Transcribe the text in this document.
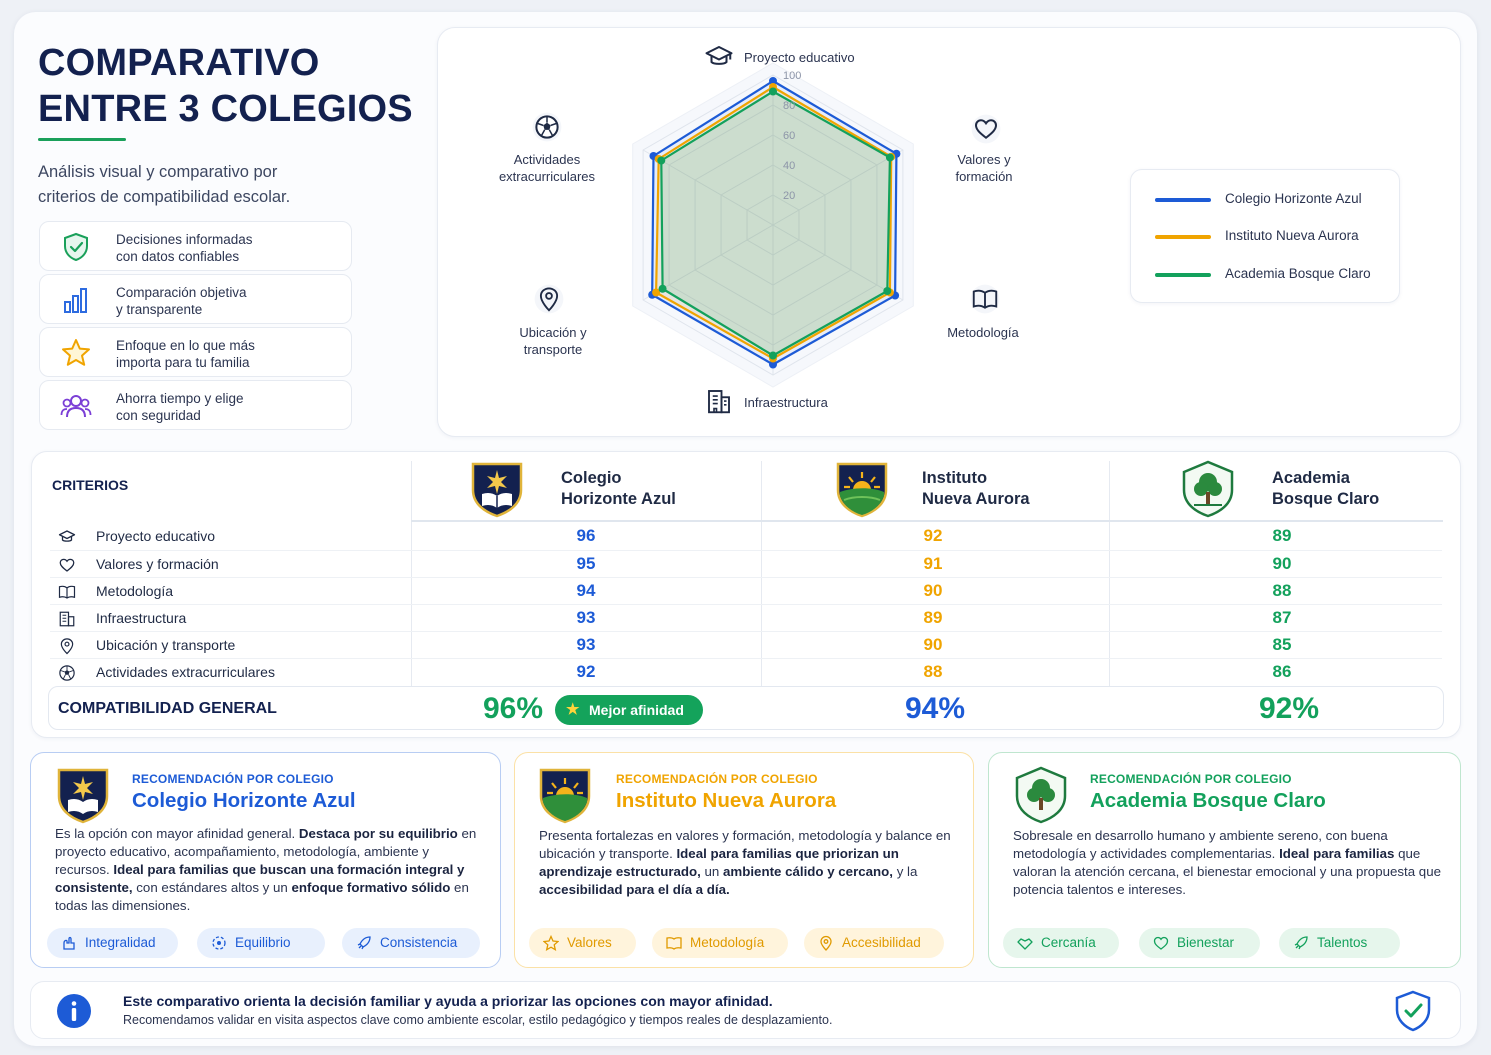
COMPARATIVO
ENTRE 3 COLEGIOS
Análisis visual y comparativo por criterios de compatibilidad escolar.
Decisiones informadas
con datos confiables
Comparación objetiva
y transparente
Enfoque en lo que más
importa para tu familia
Ahorra tiempo y elige
con seguridad
20
40
60
80
100
Proyecto educativo
Valores y
formación
Metodología
Infraestructura
Ubicación y
transporte
Actividades
extracurriculares
Colegio Horizonte Azul
Instituto Nueva Aurora
Academia Bosque Claro
CRITERIOS	Colegio
Horizonte Azul
Instituto
Nueva Aurora
Academia
Bosque Claro
Proyecto educativo	96	92	89
Valores y formación	95	91	90
Metodología	94	90	88
Infraestructura	93	89	87
Ubicación y transporte	93	90	85
Actividades extracurriculares	92	88	86
COMPATIBILIDAD GENERAL	96% ★ Mejor afinidad	94%	92%
RECOMENDACIÓN POR COLEGIO
Colegio Horizonte Azul
Es la opción con mayor afinidad general. Destaca por su equilibrio en proyecto educativo, acompañamiento, metodología, ambiente y recursos. Ideal para familias que buscan una formación integral y consistente, con estándares altos y un enfoque formativo sólido en todas las dimensiones.
Integralidad	Equilibrio	Consistencia
RECOMENDACIÓN POR COLEGIO
Instituto Nueva Aurora
Presenta fortalezas en valores y formación, metodología y balance en ubicación y transporte. Ideal para familias que priorizan un aprendizaje estructurado, un ambiente cálido y cercano, y la accesibilidad para el día a día.
Valores	Metodología	Accesibilidad
RECOMENDACIÓN POR COLEGIO
Academia Bosque Claro
Sobresale en desarrollo humano y ambiente sereno, con buena metodología y actividades complementarias. Ideal para familias que valoran la atención cercana, el bienestar emocional y una propuesta que potencia talentos e intereses.
Cercanía	Bienestar	Talentos
Este comparativo orienta la decisión familiar y ayuda a priorizar las opciones con mayor afinidad.
Recomendamos validar en visita aspectos clave como ambiente escolar, estilo pedagógico y tiempos reales de desplazamiento.
